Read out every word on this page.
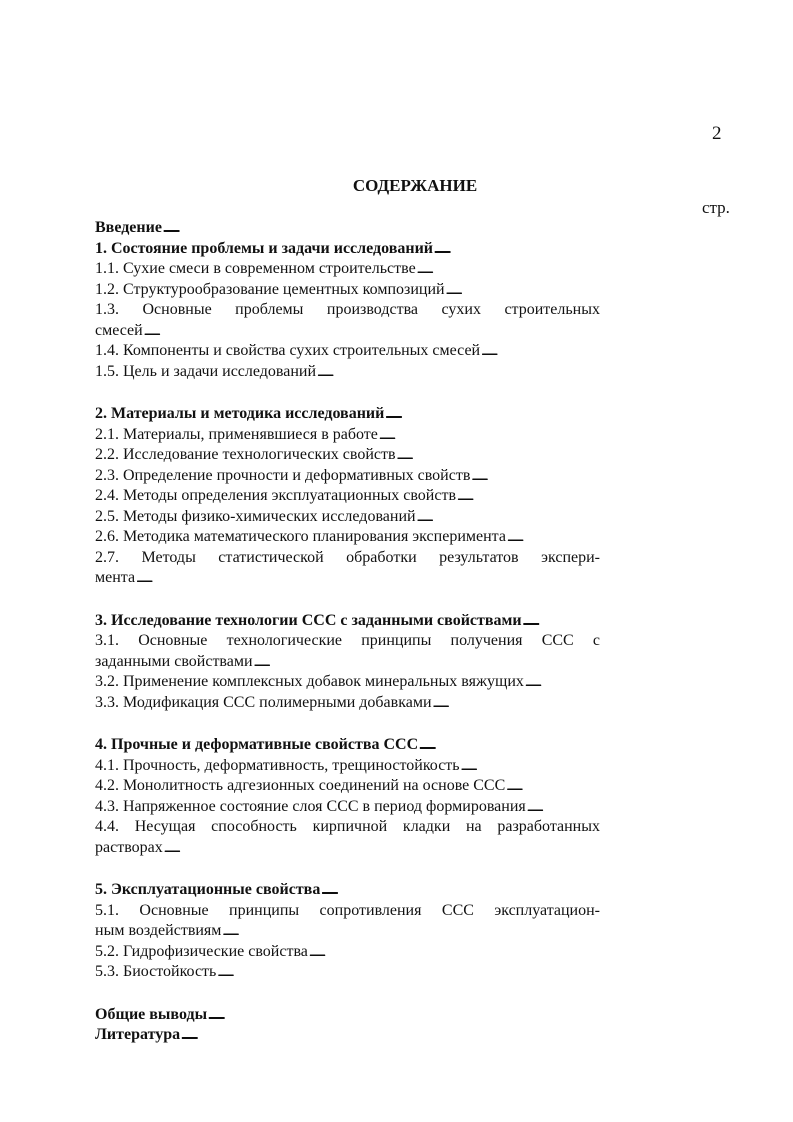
2
СОДЕРЖАНИЕ
стр.
Введение
. . .
1. Состояние проблемы и задачи исследований
. . .
1.1. Сухие смеси в современном строительстве
. . .
1.2. Структурообразование цементных композиций
. . .
1.3. Основные проблемы производства сухих строительных
смесей
. . .
1.4. Компоненты и свойства сухих строительных смесей
. . .
1.5. Цель и задачи исследований
. . .
2. Материалы и методика исследований
. . .
2.1. Материалы, применявшиеся в работе
. . .
2.2. Исследование технологических свойств
. . .
2.3. Определение прочности и деформативных свойств
. . .
2.4. Методы определения эксплуатационных свойств
. . .
2.5. Методы физико-химических исследований
. . .
2.6. Методика математического планирования эксперимента
. . .
2.7. Методы статистической обработки результатов экспери-
мента
. . .
3. Исследование технологии ССС с заданными свойствами
. . .
3.1. Основные технологические принципы получения ССС с
заданными свойствами
. . .
3.2. Применение комплексных добавок минеральных вяжущих
. . .
3.3. Модификация ССС полимерными добавками
. . .
4. Прочные и деформативные свойства ССС
. . .
4.1. Прочность, деформативность, трещиностойкость
. . .
4.2. Монолитность адгезионных соединений на основе ССС
. . .
4.3. Напряженное состояние слоя ССС в период формирования
. . .
4.4. Несущая способность кирпичной кладки на разработанных
растворах
. . .
5. Эксплуатационные свойства
. . .
5.1. Основные принципы сопротивления ССС эксплуатацион-
ным воздействиям
. . .
5.2. Гидрофизические свойства
. . .
5.3. Биостойкость
. . .
Общие выводы
. . .
Литература
. . .
